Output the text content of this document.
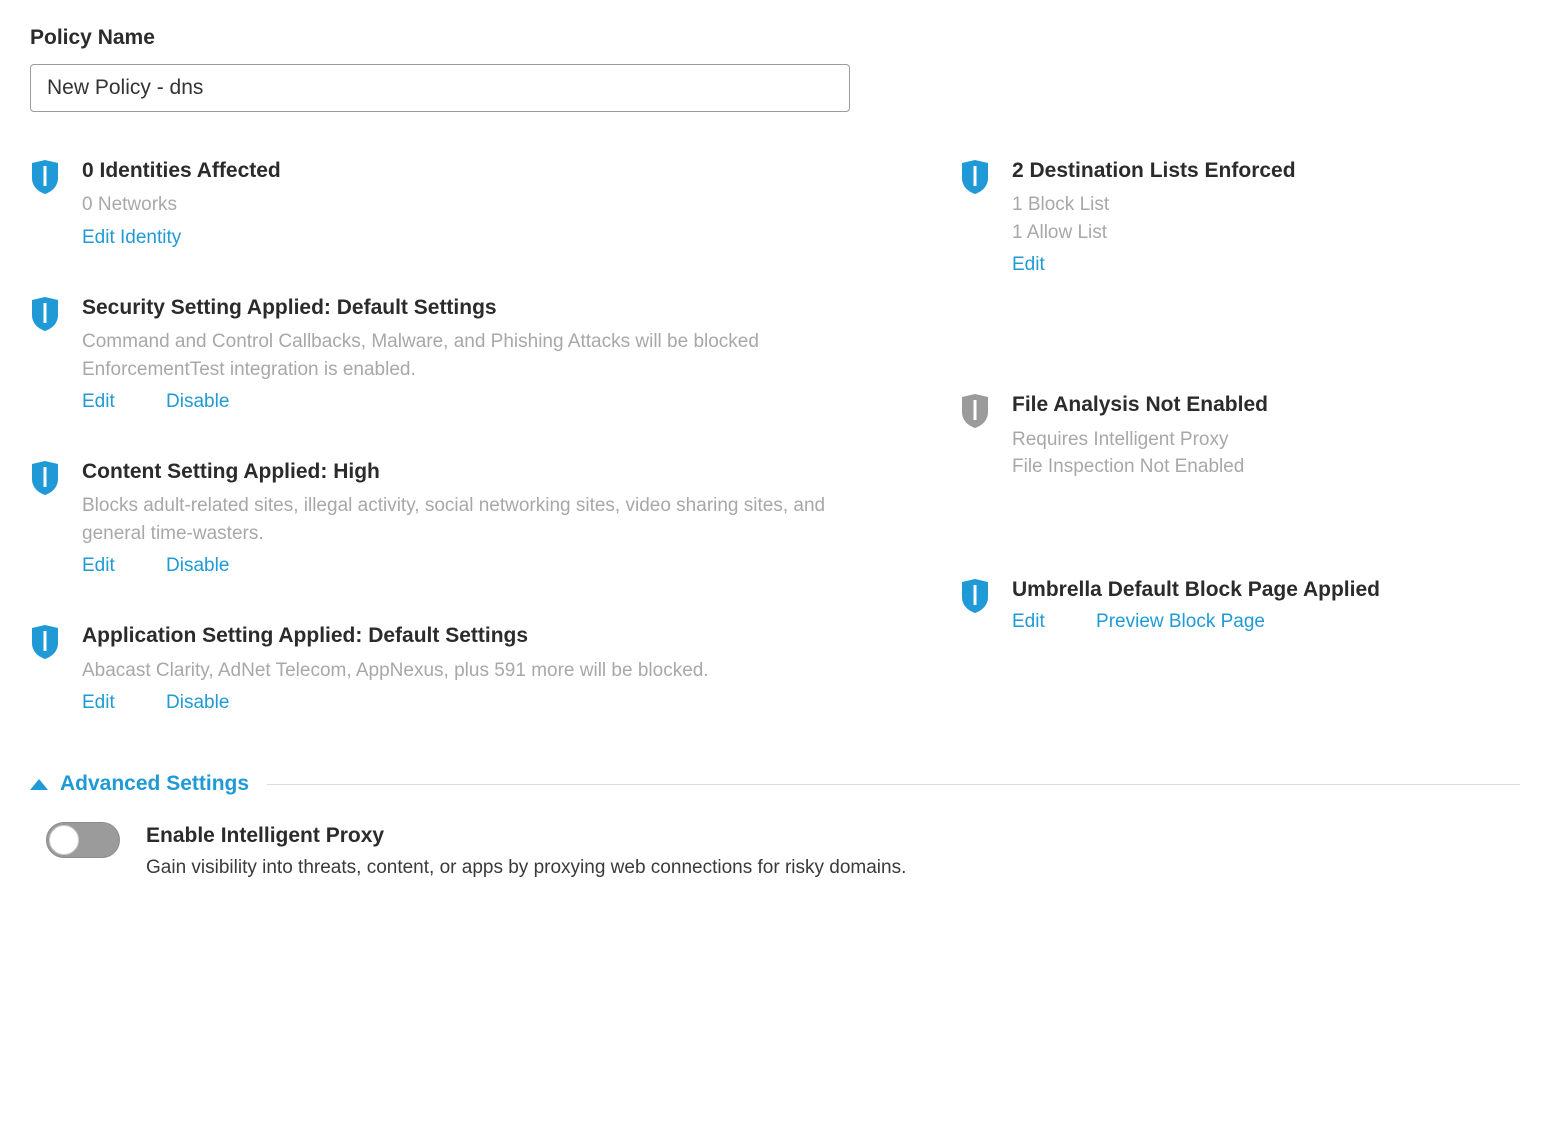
Policy Name
New Policy - dns
0 Identities Affected
0 Networks
Edit Identity
Security Setting Applied: Default Settings
Command and Control Callbacks, Malware, and Phishing Attacks will be blocked
EnforcementTest integration is enabled.
Edit	Disable
Content Setting Applied: High
Blocks adult-related sites, illegal activity, social networking sites, video sharing sites, and general time-wasters.
Edit	Disable
Application Setting Applied: Default Settings
Abacast Clarity, AdNet Telecom, AppNexus, plus 591 more will be blocked.
Edit	Disable
2 Destination Lists Enforced
1 Block List
1 Allow List
Edit
File Analysis Not Enabled
Requires Intelligent Proxy
File Inspection Not Enabled
Umbrella Default Block Page Applied
Edit	Preview Block Page
Advanced Settings
Enable Intelligent Proxy
Gain visibility into threats, content, or apps by proxying web connections for risky domains.
